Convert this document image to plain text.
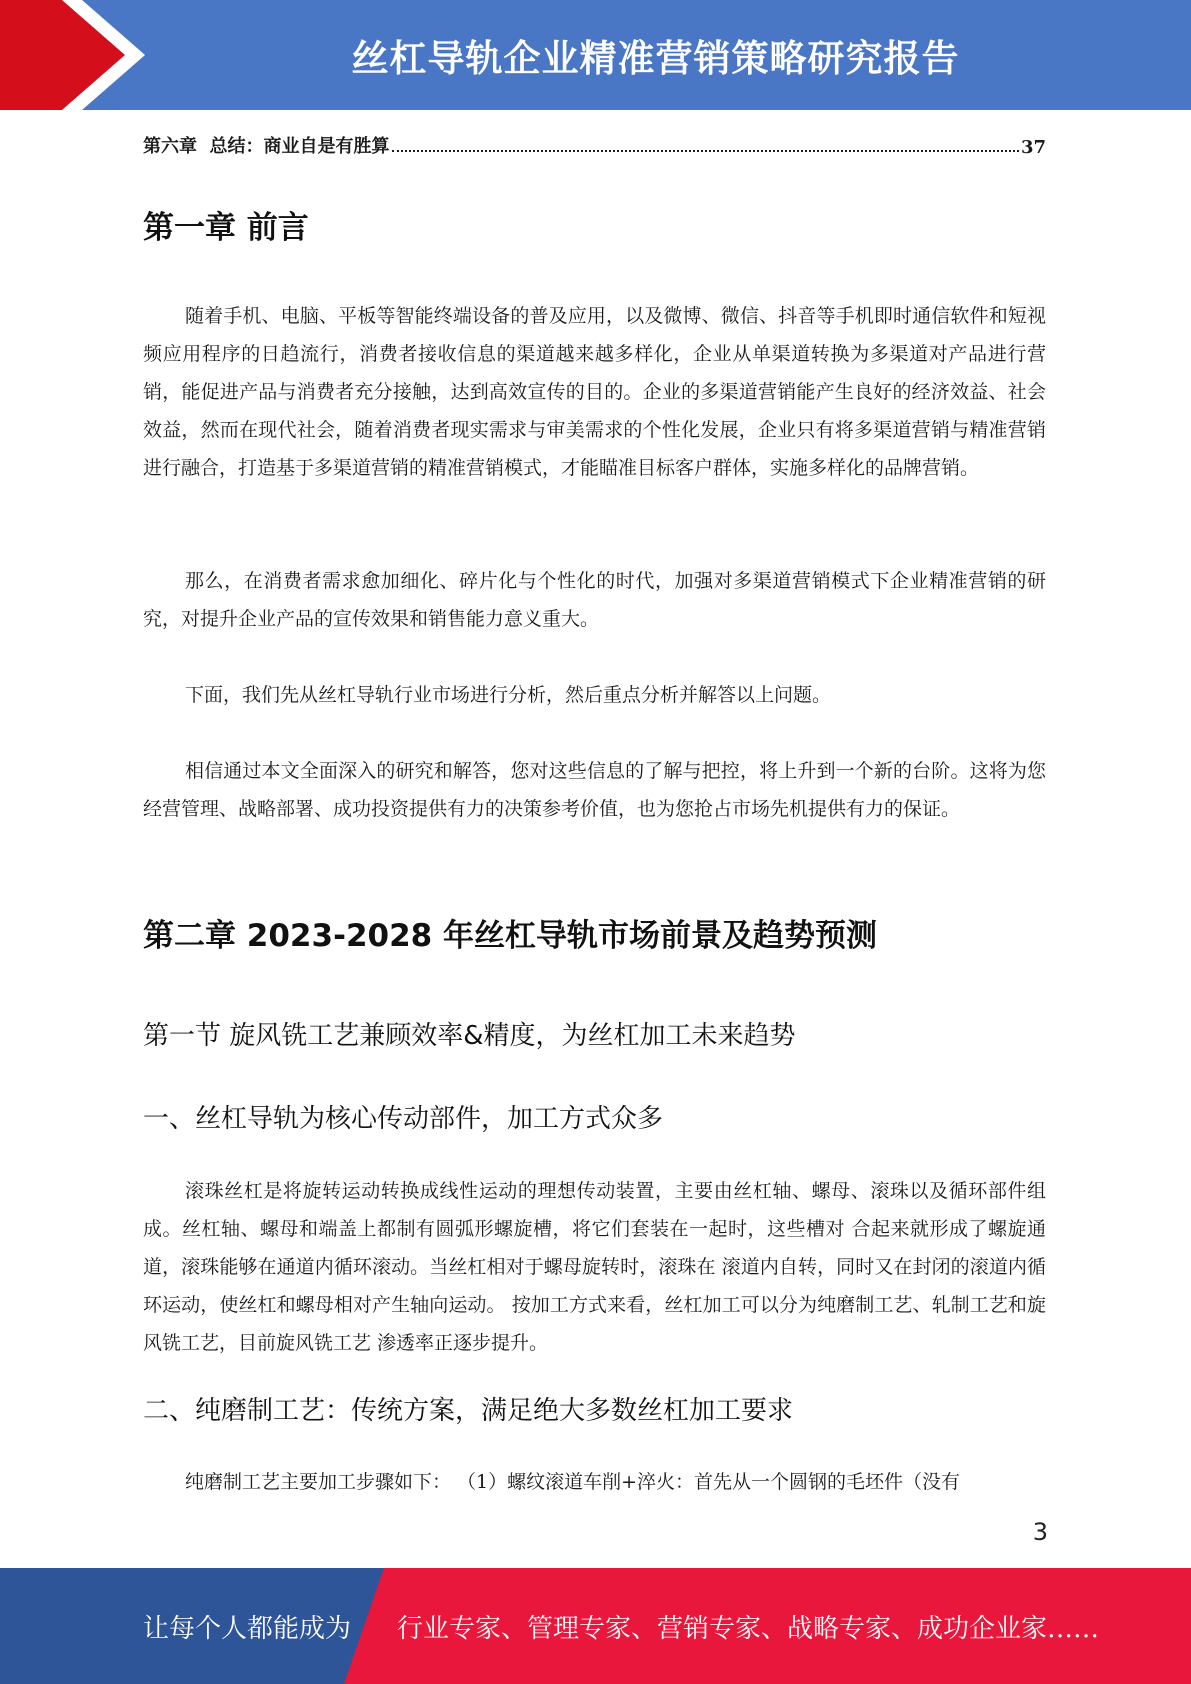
丝杠导轨企业精准营销策略研究报告
第六章  总结：商业自是有胜算	37
第一章 前言

随着手机、电脑、平板等智能终端设备的普及应用，以及微博、微信、抖音等手机即时通信软件和短视频应用程序的日趋流行，消费者接收信息的渠道越来越多样化，企业从单渠道转换为多渠道对产品进行营销，能促进产品与消费者充分接触，达到高效宣传的目的。企业的多渠道营销能产生良好的经济效益、社会效益，然而在现代社会，随着消费者现实需求与审美需求的个性化发展，企业只有将多渠道营销与精准营销进行融合，打造基于多渠道营销的精准营销模式，才能瞄准目标客户群体，实施多样化的品牌营销。

那么，在消费者需求愈加细化、碎片化与个性化的时代，加强对多渠道营销模式下企业精准营销的研究，对提升企业产品的宣传效果和销售能力意义重大。

下面，我们先从丝杠导轨行业市场进行分析，然后重点分析并解答以上问题。

相信通过本文全面深入的研究和解答，您对这些信息的了解与把控，将上升到一个新的台阶。这将为您经营管理、战略部署、成功投资提供有力的决策参考价值，也为您抢占市场先机提供有力的保证。

第二章 2023-2028 年丝杠导轨市场前景及趋势预测
第一节 旋风铣工艺兼顾效率&精度，为丝杠加工未来趋势
一、丝杠导轨为核心传动部件，加工方式众多

滚珠丝杠是将旋转运动转换成线性运动的理想传动装置，主要由丝杠轴、螺母、滚珠以及循环部件组成。丝杠轴、螺母和端盖上都制有圆弧形螺旋槽，将它们套装在一起时，这些槽对 合起来就形成了螺旋通道，滚珠能够在通道内循环滚动。当丝杠相对于螺母旋转时，滚珠在 滚道内自转，同时又在封闭的滚道内循环运动，使丝杠和螺母相对产生轴向运动。 按加工方式来看，丝杠加工可以分为纯磨制工艺、轧制工艺和旋风铣工艺，目前旋风铣工艺 渗透率正逐步提升。

二、纯磨制工艺：传统方案，满足绝大多数丝杠加工要求

纯磨制工艺主要加工步骤如下： （1）螺纹滚道车削+淬火：首先从一个圆钢的毛坯件（没有

3
让每个人都能成为 行业专家、管理专家、营销专家、战略专家、成功企业家……
